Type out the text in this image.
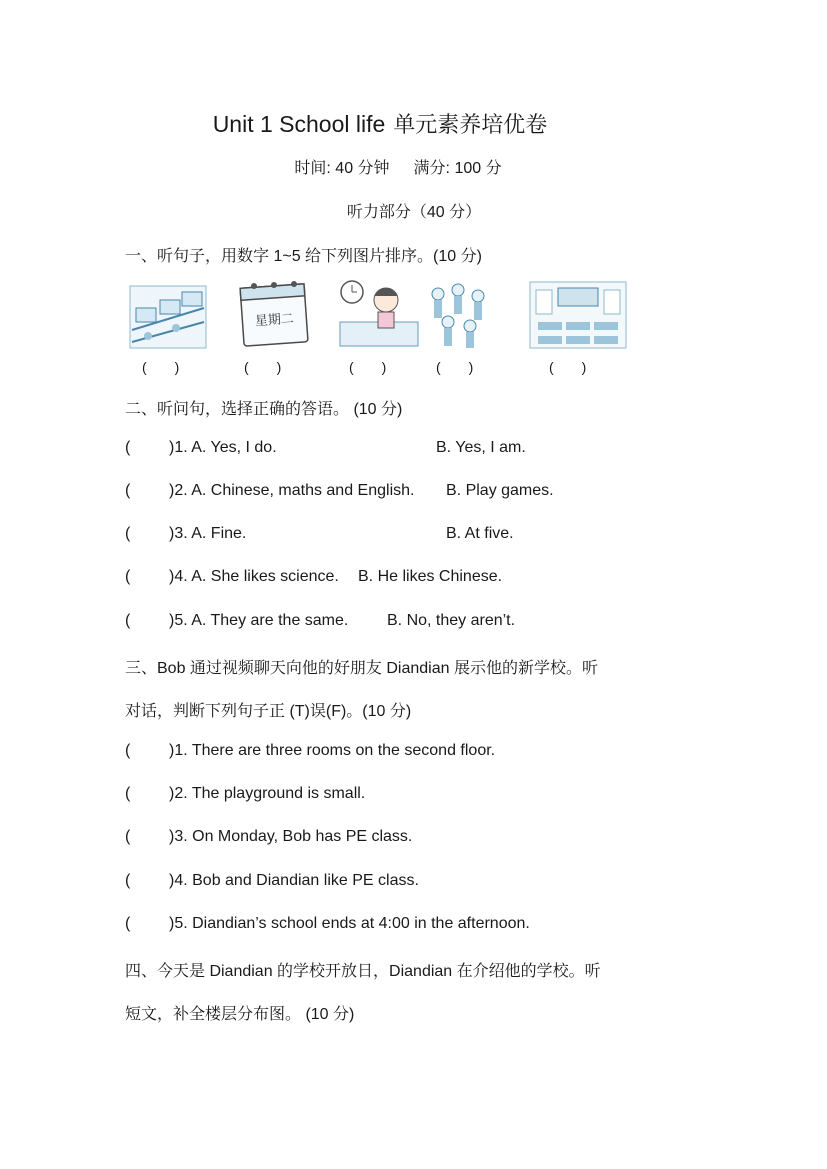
Unit 1 School life 单元素养培优卷
时间: 40 分钟 满分: 100 分
听力部分（40 分）
一、听句子，用数字 1~5 给下列图片排序。(10 分)
星期二
(　　)	(　　)	(　　)	(　　)	(　　)
二、听问句，选择正确的答语。 (10 分)
( )1. A. Yes, I do.	B. Yes, I am.
( )2. A. Chinese, maths and English. B. Play games.
( )3. A. Fine.	B. At five.
( )4. A. She likes science. B. He likes Chinese.
( )5. A. They are the same. B. No, they aren’t.
三、Bob 通过视频聊天向他的好朋友 Diandian 展示他的新学校。听
对话，判断下列句子正 (T)误(F)。(10 分)
( )1. There are three rooms on the second floor.
( )2. The playground is small.
( )3. On Monday, Bob has PE class.
( )4. Bob and Diandian like PE class.
( )5. Diandian’s school ends at 4:00 in the afternoon.
四、今天是 Diandian 的学校开放日，Diandian 在介绍他的学校。听
短文，补全楼层分布图。 (10 分)
